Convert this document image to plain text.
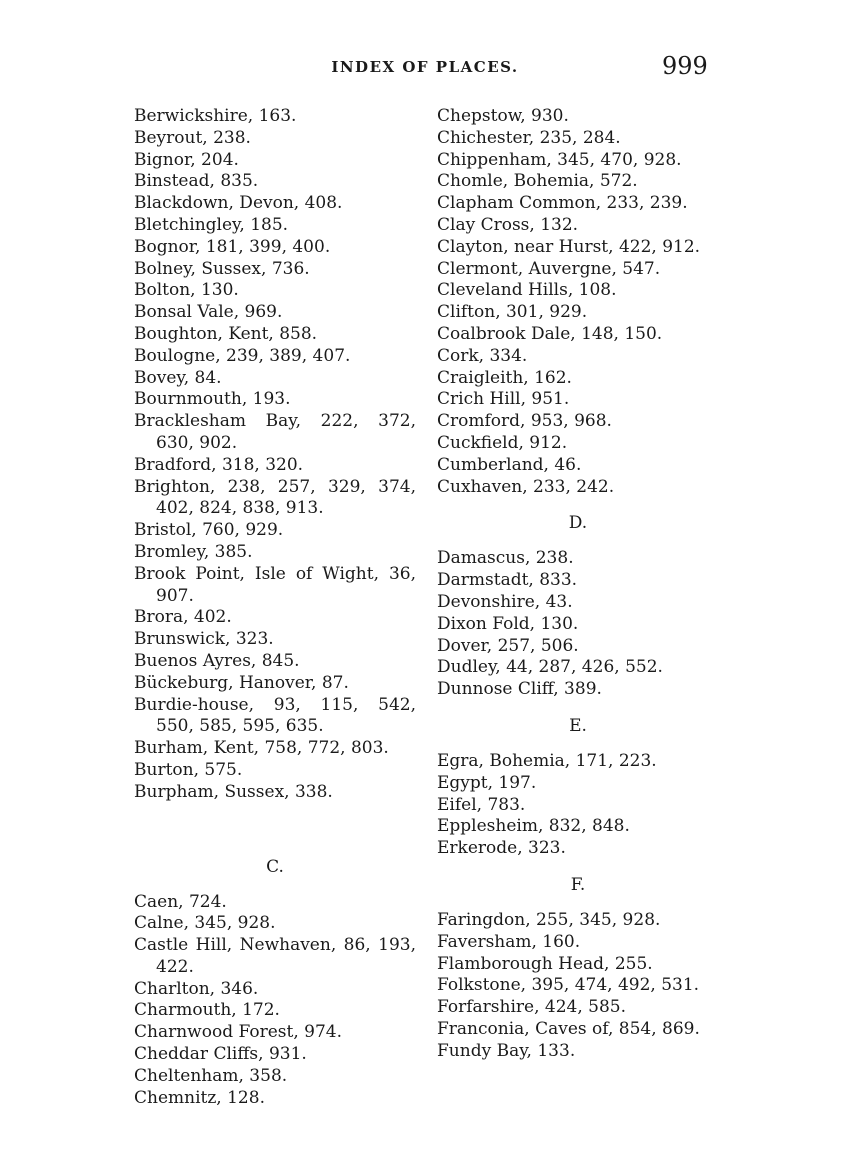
INDEX OF PLACES.	999
Berwickshire, 163.
Beyrout, 238.
Bignor, 204.
Binstead, 835.
Blackdown, Devon, 408.
Bletchingley, 185.
Bognor, 181, 399, 400.
Bolney, Sussex, 736.
Bolton, 130.
Bonsal Vale, 969.
Boughton, Kent, 858.
Boulogne, 239, 389, 407.
Bovey, 84.
Bournmouth, 193.
Bracklesham Bay, 222, 372, 630, 902.
Bradford, 318, 320.
Brighton, 238, 257, 329, 374, 402, 824, 838, 913.
Bristol, 760, 929.
Bromley, 385.
Brook Point, Isle of Wight, 36, 907.
Brora, 402.
Brunswick, 323.
Buenos Ayres, 845.
Bückeburg, Hanover, 87.
Burdie-house, 93, 115, 542, 550, 585, 595, 635.
Burham, Kent, 758, 772, 803.
Burton, 575.
Burpham, Sussex, 338.
C.
Caen, 724.
Calne, 345, 928.
Castle Hill, Newhaven, 86, 193, 422.
Charlton, 346.
Charmouth, 172.
Charnwood Forest, 974.
Cheddar Cliffs, 931.
Cheltenham, 358.
Chemnitz, 128.
Chepstow, 930.
Chichester, 235, 284.
Chippenham, 345, 470, 928.
Chomle, Bohemia, 572.
Clapham Common, 233, 239.
Clay Cross, 132.
Clayton, near Hurst, 422, 912.
Clermont, Auvergne, 547.
Cleveland Hills, 108.
Clifton, 301, 929.
Coalbrook Dale, 148, 150.
Cork, 334.
Craigleith, 162.
Crich Hill, 951.
Cromford, 953, 968.
Cuckfield, 912.
Cumberland, 46.
Cuxhaven, 233, 242.
D.
Damascus, 238.
Darmstadt, 833.
Devonshire, 43.
Dixon Fold, 130.
Dover, 257, 506.
Dudley, 44, 287, 426, 552.
Dunnose Cliff, 389.
E.
Egra, Bohemia, 171, 223.
Egypt, 197.
Eifel, 783.
Epplesheim, 832, 848.
Erkerode, 323.
F.
Faringdon, 255, 345, 928.
Faversham, 160.
Flamborough Head, 255.
Folkstone, 395, 474, 492, 531.
Forfarshire, 424, 585.
Franconia, Caves of, 854, 869.
Fundy Bay, 133.
